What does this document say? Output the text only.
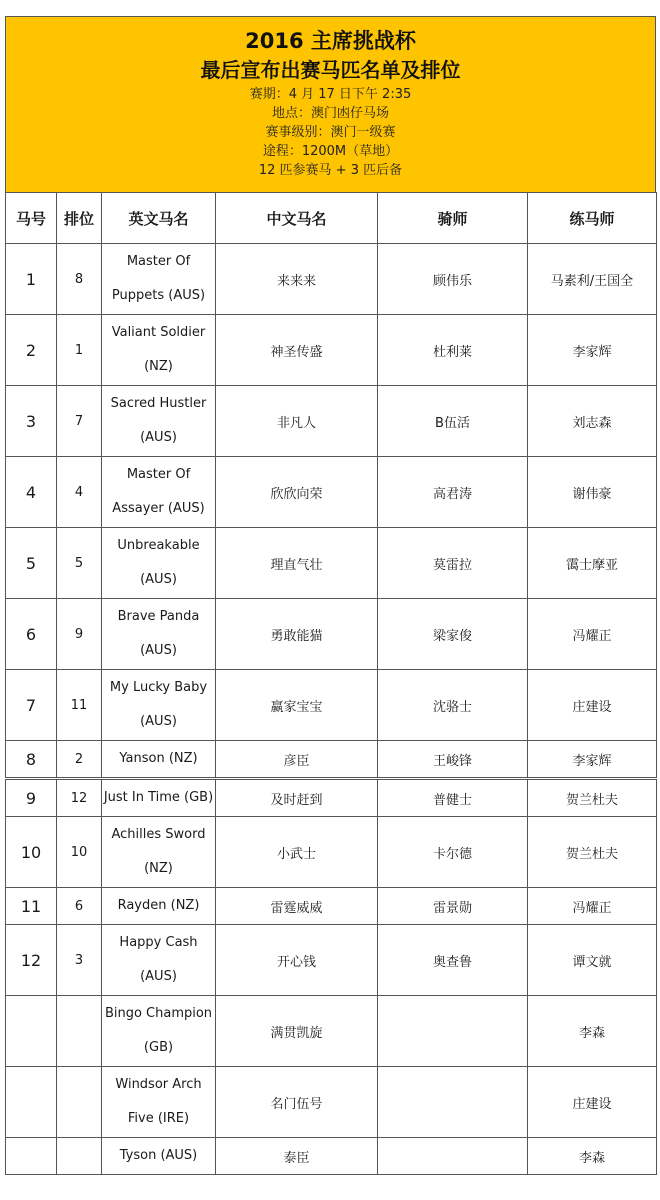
2016 主席挑战杯
最后宣布出赛马匹名单及排位
赛期：4 月 17 日下午 2:35
地点：澳门凼仔马场
赛事级别：澳门一级赛
途程：1200M（草地）
12 匹参赛马 + 3 匹后备
马号	排位	英文马名	中文马名	骑师	练马师
1	8	Master Of
Puppets (AUS)	来来来	顾伟乐	马素利/王国全
2	1	Valiant Soldier
(NZ)	神圣传盛	杜利莱	李家辉
3	7	Sacred Hustler
(AUS)	非凡人	B伍活	刘志森
4	4	Master Of
Assayer (AUS)	欣欣向荣	高君涛	谢伟豪
5	5	Unbreakable
(AUS)	理直气壮	莫雷拉	霭士摩亚
6	9	Brave Panda
(AUS)	勇敢能猫	梁家俊	冯耀正
7	11	My Lucky Baby
(AUS)	赢家宝宝	沈骆士	庄建设
8	2	Yanson (NZ)	彦臣	王峻锋	李家辉
9	12	Just In Time (GB)	及时赶到	普健士	贺兰杜夫
10	10	Achilles Sword
(NZ)	小武士	卡尔德	贺兰杜夫
11	6	Rayden (NZ)	雷霆威威	雷景勋	冯耀正
12	3	Happy Cash
(AUS)	开心钱	奥查鲁	谭文就

		Bingo Champion
(GB)	满贯凯旋		李森

		Windsor Arch
Five (IRE)	名门伍号		庄建设

		Tyson (AUS)	泰臣		李森
